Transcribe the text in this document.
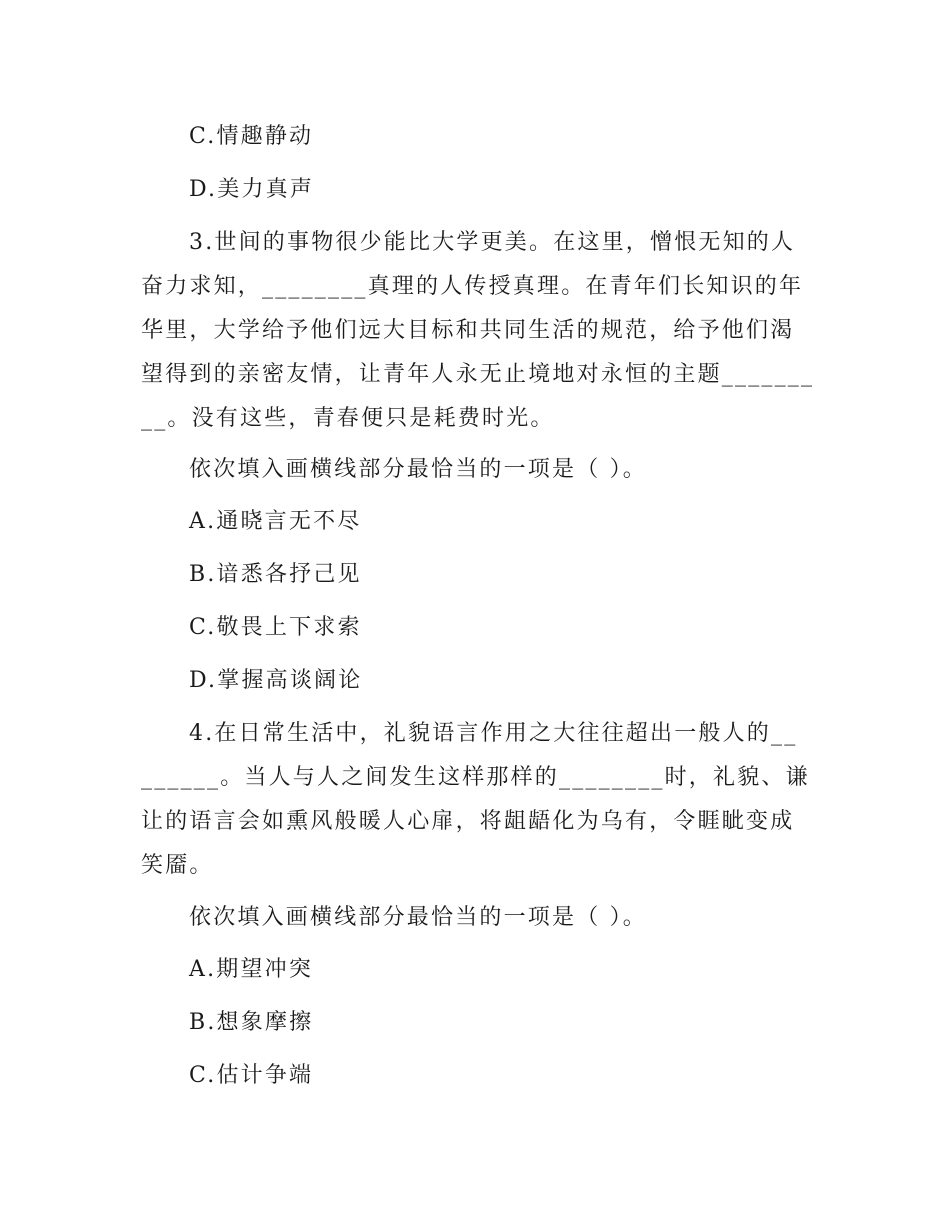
C.情趣静动
D.美力真声
3.世间的事物很少能比大学更美。在这里，憎恨无知的人
奋力求知，________真理的人传授真理。在青年们长知识的年
华里，大学给予他们远大目标和共同生活的规范，给予他们渴
望得到的亲密友情，让青年人永无止境地对永恒的主题_______
__。没有这些，青春便只是耗费时光。
依次填入画横线部分最恰当的一项是（ ）。
A.通晓言无不尽
B.谙悉各抒己见
C.敬畏上下求索
D.掌握高谈阔论
4.在日常生活中，礼貌语言作用之大往往超出一般人的__
______。当人与人之间发生这样那样的________时，礼貌、谦
让的语言会如熏风般暖人心扉，将龃龉化为乌有，令睚眦变成
笑靥。
依次填入画横线部分最恰当的一项是（ ）。
A.期望冲突
B.想象摩擦
C.估计争端
